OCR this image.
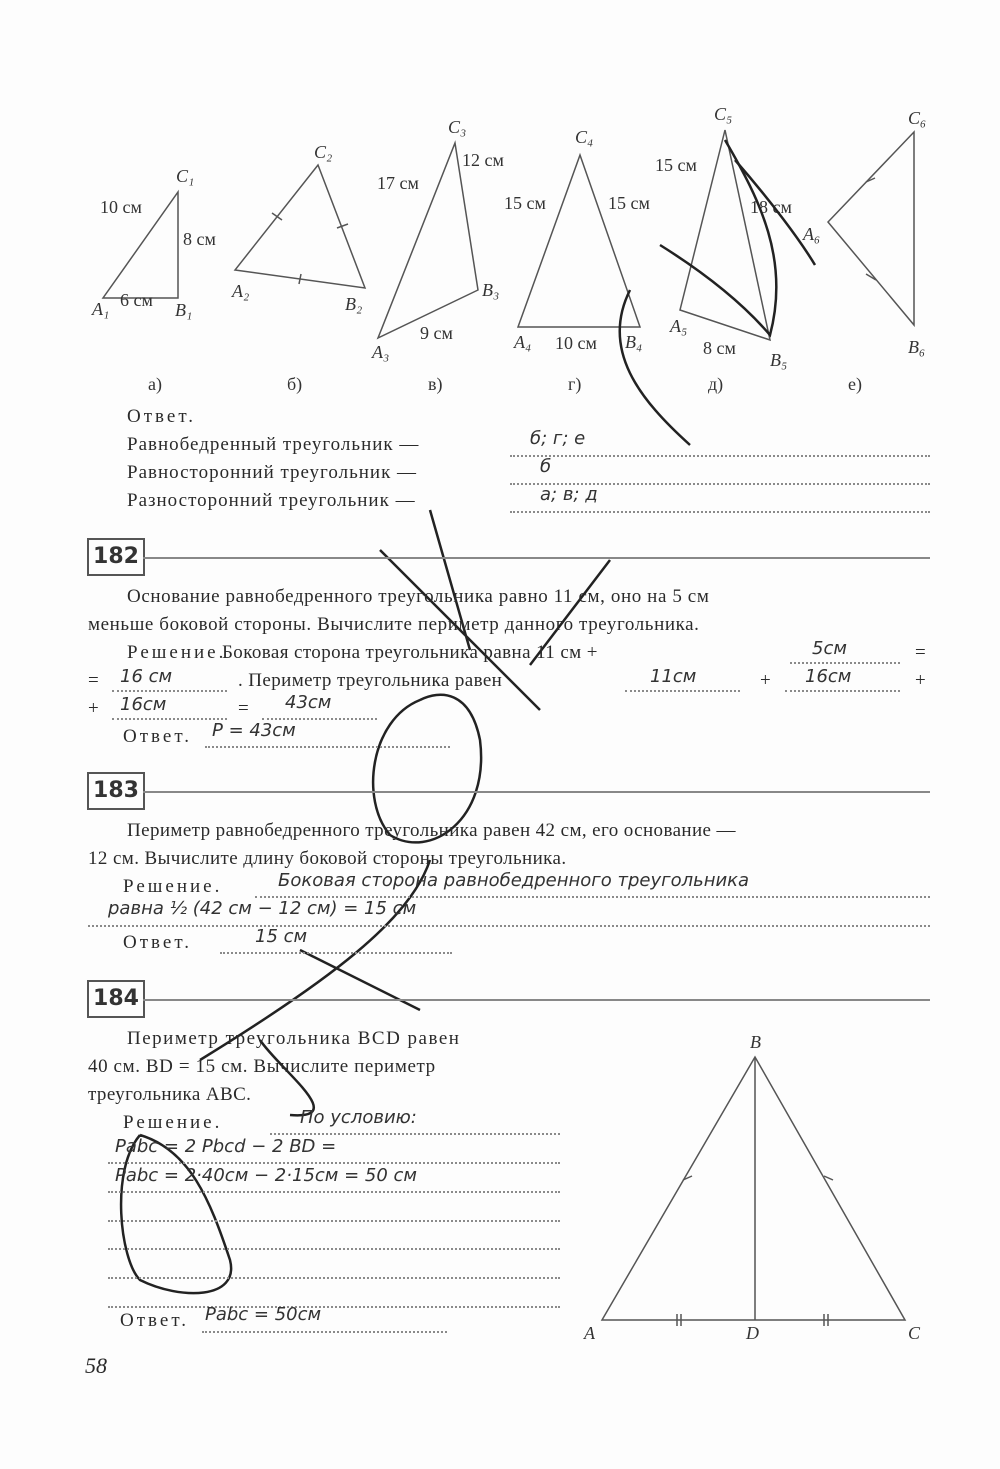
C₁
10 см
8 см
A₁ 6 см B₁
а)
C₂
A₂
B₂
б)
C₃
17 см
12 см
B₃
9 см
A₃
в)
C₄
15 см	15 см
A₄ 10 см B₄
г)
C₅
15 см
18 см
A₅
8 см
B₅
д)
C₆
A₆
B₆
е)
B
A	D	C
Ответ.
Равнобедренный треугольник —	б; г; е
Равносторонний треугольник —	б
Разносторонний треугольник —	а; в; д
182
Основание равнобедренного треугольника равно 11 см, оно на 5 см
меньше боковой стороны. Вычислите периметр данного треугольника.
Решение.
Боковая сторона треугольника равна 11 см +	5см	=
= 16 см	. Периметр треугольника равен	11см	+ 16см	+
+ 16см	= 43см
Ответ. P = 43см
183
Периметр равнобедренного треугольника равен 42 см, его основание —
12 см. Вычислите длину боковой стороны треугольника.
Решение.	Боковая сторона равнобедренного треугольника
равна ½ (42 см − 12 см) = 15 см
Ответ.	15 см
184
Периметр треугольника BCD равен
40 см. BD = 15 см. Вычислите периметр
треугольника ABC.
Решение.	По условию:
Pabc = 2 Pbcd − 2 BD =
Pabc = 2·40см − 2·15см = 50 см
Ответ. Pabc = 50см
58
